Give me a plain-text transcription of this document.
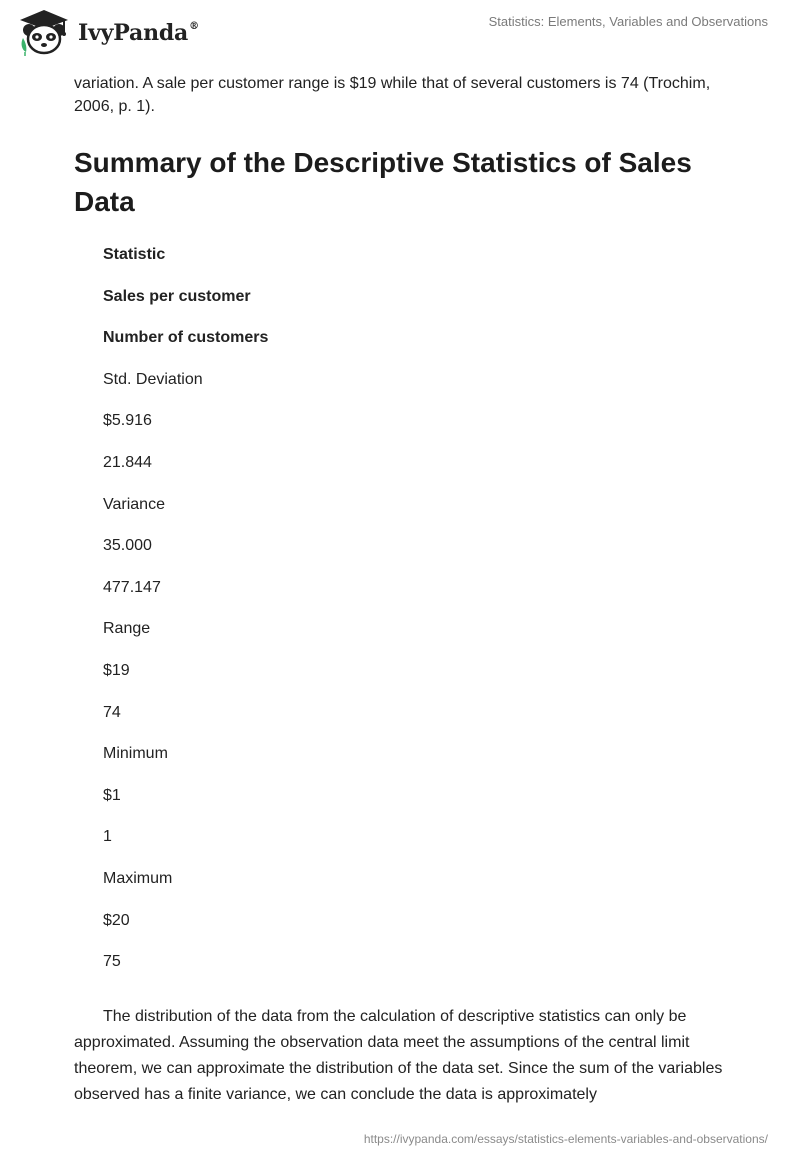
IvyPanda®	Statistics: Elements, Variables and Observations

variation. A sale per customer range is $19 while that of several customers is 74 (Trochim, 2006, p. 1).

Summary of the Descriptive Statistics of Sales Data
Statistic
Sales per customer
Number of customers
Std. Deviation
$5.916
21.844
Variance
35.000
477.147
Range
$19
74
Minimum
$1
1
Maximum
$20
75

The distribution of the data from the calculation of descriptive statistics can only be approximated. Assuming the observation data meet the assumptions of the central limit theorem, we can approximate the distribution of the data set. Since the sum of the variables observed has a finite variance, we can conclude the data is approximately

https://ivypanda.com/essays/statistics-elements-variables-and-observations/
